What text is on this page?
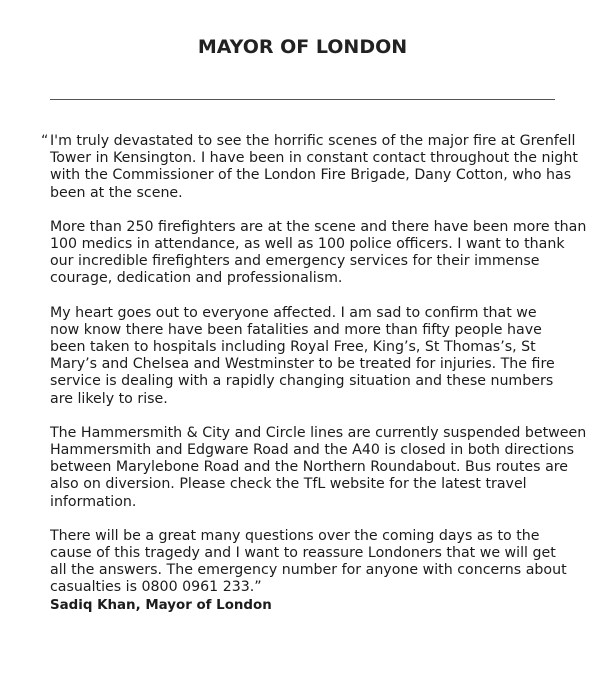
MAYOR OF LONDON
“ I'm truly devastated to see the horrific scenes of the major fire at Grenfell
Tower in Kensington. I have been in constant contact throughout the night
with the Commissioner of the London Fire Brigade, Dany Cotton, who has
been at the scene.

More than 250 firefighters are at the scene and there have been more than
100 medics in attendance, as well as 100 police officers. I want to thank
our incredible firefighters and emergency services for their immense
courage, dedication and professionalism.

My heart goes out to everyone affected. I am sad to confirm that we
now know there have been fatalities and more than fifty people have
been taken to hospitals including Royal Free, King’s, St Thomas’s, St
Mary’s and Chelsea and Westminster to be treated for injuries. The fire
service is dealing with a rapidly changing situation and these numbers
are likely to rise.

The Hammersmith & City and Circle lines are currently suspended between
Hammersmith and Edgware Road and the A40 is closed in both directions
between Marylebone Road and the Northern Roundabout. Bus routes are
also on diversion. Please check the TfL website for the latest travel
information.

There will be a great many questions over the coming days as to the
cause of this tragedy and I want to reassure Londoners that we will get
all the answers. The emergency number for anyone with concerns about
casualties is 0800 0961 233.”

Sadiq Khan, Mayor of London
